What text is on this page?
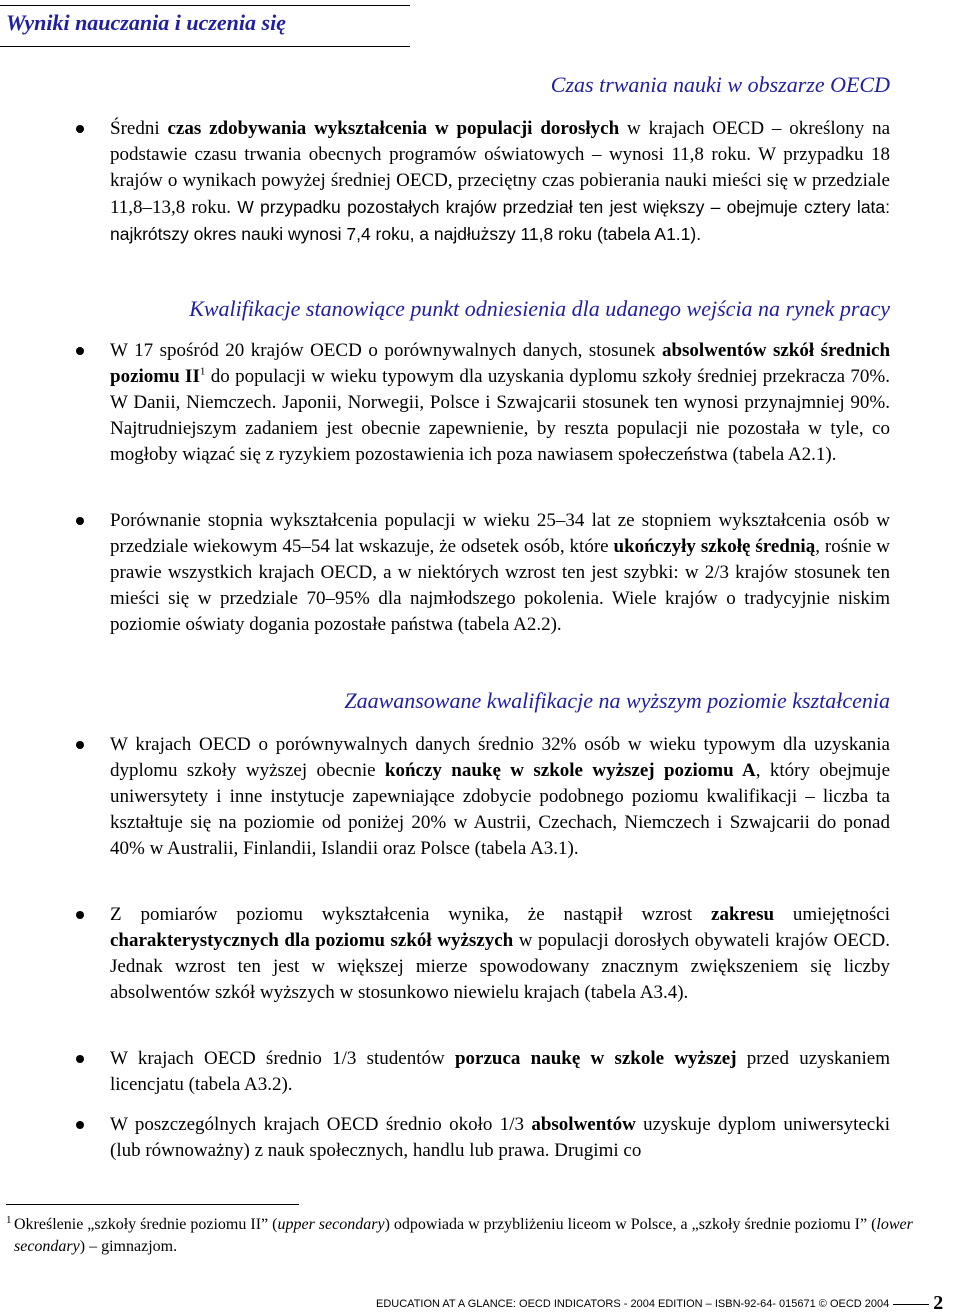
Wyniki nauczania i uczenia się
Czas trwania nauki w obszarze OECD

Średni czas zdobywania wykształcenia w populacji dorosłych w krajach OECD – określony na podstawie czasu trwania obecnych programów oświatowych – wynosi 11,8 roku. W przypadku 18 krajów o wynikach powyżej średniej OECD, przeciętny czas pobierania nauki mieści się w przedziale 11,8–13,8 roku. W przypadku pozostałych krajów przedział ten jest większy – obejmuje cztery lata: najkrótszy okres nauki wynosi 7,4 roku, a najdłuższy 11,8 roku (tabela A1.1).

Kwalifikacje stanowiące punkt odniesienia dla udanego wejścia na rynek pracy

W 17 spośród 20 krajów OECD o porównywalnych danych, stosunek absolwentów szkół średnich poziomu $II^1$ do populacji w wieku typowym dla uzyskania dyplomu szkoły średniej przekracza 70%. W Danii, Niemczech. Japonii, Norwegii, Polsce i Szwajcarii stosunek ten wynosi przynajmniej 90%. Najtrudniejszym zadaniem jest obecnie zapewnienie, by reszta populacji nie pozostała w tyle, co mogłoby wiązać się z ryzykiem pozostawienia ich poza nawiasem społeczeństwa (tabela A2.1).

Porównanie stopnia wykształcenia populacji w wieku 25–34 lat ze stopniem wykształcenia osób w przedziale wiekowym 45–54 lat wskazuje, że odsetek osób, które ukończyły szkołę średnią, rośnie w prawie wszystkich krajach OECD, a w niektórych wzrost ten jest szybki: w 2/3 krajów stosunek ten mieści się w przedziale 70–95% dla najmłodszego pokolenia. Wiele krajów o tradycyjnie niskim poziomie oświaty dogania pozostałe państwa (tabela A2.2).

Zaawansowane kwalifikacje na wyższym poziomie kształcenia

W krajach OECD o porównywalnych danych średnio 32% osób w wieku typowym dla uzyskania dyplomu szkoły wyższej obecnie kończy naukę w szkole wyższej poziomu A, który obejmuje uniwersytety i inne instytucje zapewniające zdobycie podobnego poziomu kwalifikacji – liczba ta kształtuje się na poziomie od poniżej 20% w Austrii, Czechach, Niemczech i Szwajcarii do ponad 40% w Australii, Finlandii, Islandii oraz Polsce (tabela A3.1).

Z pomiarów poziomu wykształcenia wynika, że nastąpił wzrost zakresu umiejętności charakterystycznych dla poziomu szkół wyższych w populacji dorosłych obywateli krajów OECD. Jednak wzrost ten jest w większej mierze spowodowany znacznym zwiększeniem się liczby absolwentów szkół wyższych w stosunkowo niewielu krajach (tabela A3.4).

W krajach OECD średnio 1/3 studentów porzuca naukę w szkole wyższej przed uzyskaniem licencjatu (tabela A3.2).

W poszczególnych krajach OECD średnio około 1/3 absolwentów uzyskuje dyplom uniwersytecki (lub równoważny) z nauk społecznych, handlu lub prawa. Drugimi co

1 Określenie „szkoły średnie poziomu II” (upper secondary) odpowiada w przybliżeniu liceom w Polsce, a „szkoły średnie poziomu I” (lower secondary) – gimnazjom.
EDUCATION AT A GLANCE: OECD INDICATORS - 2004 EDITION – ISBN-92-64- 015671 © OECD 2004 2
